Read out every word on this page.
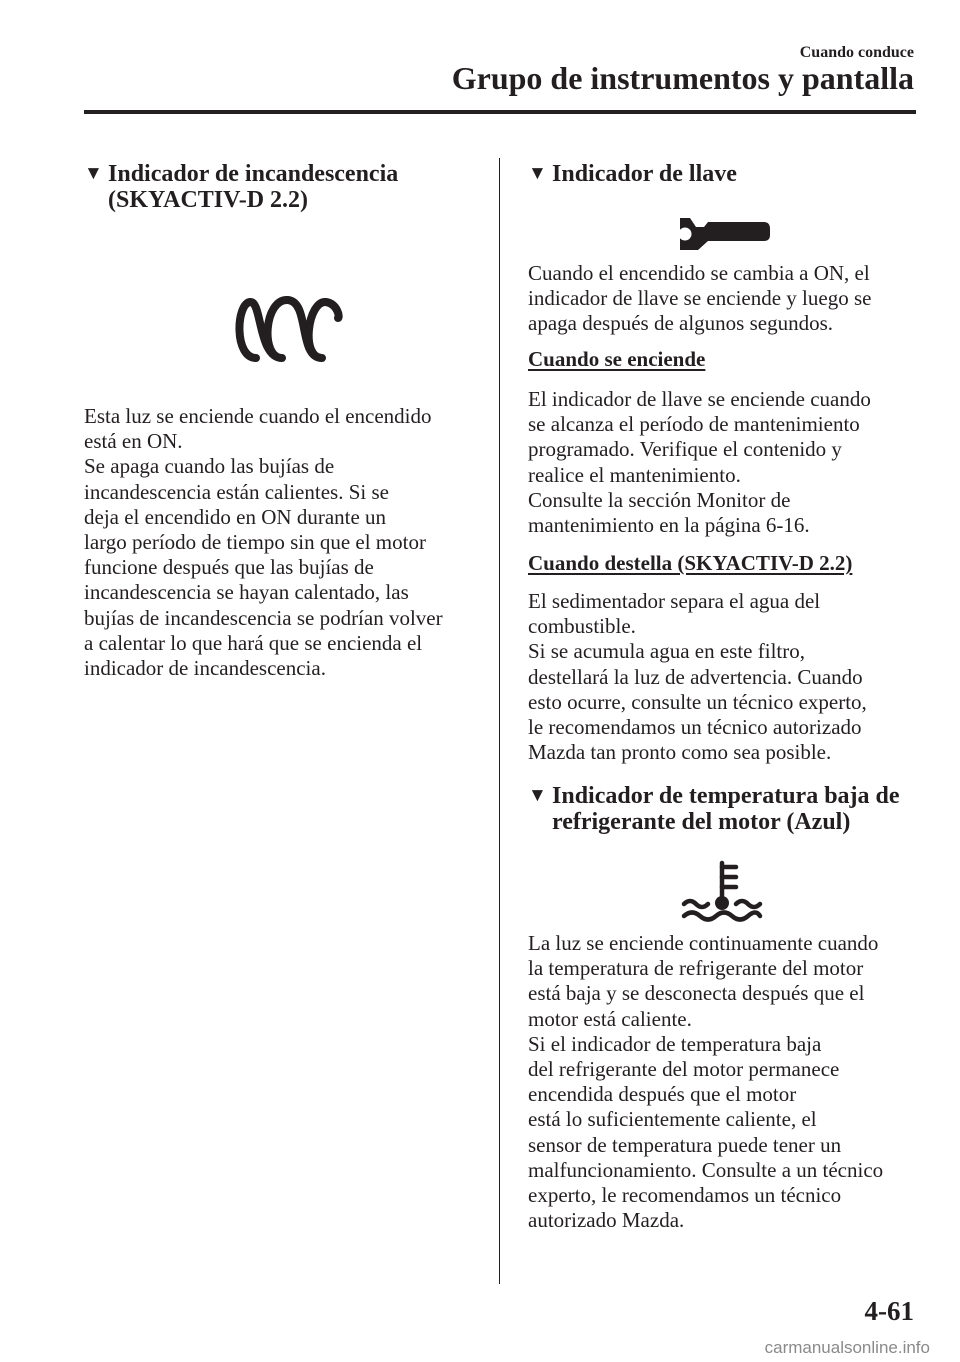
Cuando conduce
Grupo de instrumentos y pantalla
▼ Indicador de incandescencia
(SKYACTIV-D 2.2)
Esta luz se enciende cuando el encendido
está en ON.
Se apaga cuando las bujías de
incandescencia están calientes. Si se
deja el encendido en ON durante un
largo período de tiempo sin que el motor
funcione después que las bujías de
incandescencia se hayan calentado, las
bujías de incandescencia se podrían volver
a calentar lo que hará que se encienda el
indicador de incandescencia.
▼ Indicador de llave
Cuando el encendido se cambia a ON, el
indicador de llave se enciende y luego se
apaga después de algunos segundos.
Cuando se enciende
El indicador de llave se enciende cuando
se alcanza el período de mantenimiento
programado. Verifique el contenido y
realice el mantenimiento.
Consulte la sección Monitor de
mantenimiento en la página 6-16.
Cuando destella (SKYACTIV-D 2.2)
El sedimentador separa el agua del
combustible.
Si se acumula agua en este filtro,
destellará la luz de advertencia. Cuando
esto ocurre, consulte un técnico experto,
le recomendamos un técnico autorizado
Mazda tan pronto como sea posible.
▼ Indicador de temperatura baja de
refrigerante del motor (Azul)
La luz se enciende continuamente cuando
la temperatura de refrigerante del motor
está baja y se desconecta después que el
motor está caliente.
Si el indicador de temperatura baja
del refrigerante del motor permanece
encendida después que el motor
está lo suficientemente caliente, el
sensor de temperatura puede tener un
malfuncionamiento. Consulte a un técnico
experto, le recomendamos un técnico
autorizado Mazda.
4-61
carmanualsonline.info
